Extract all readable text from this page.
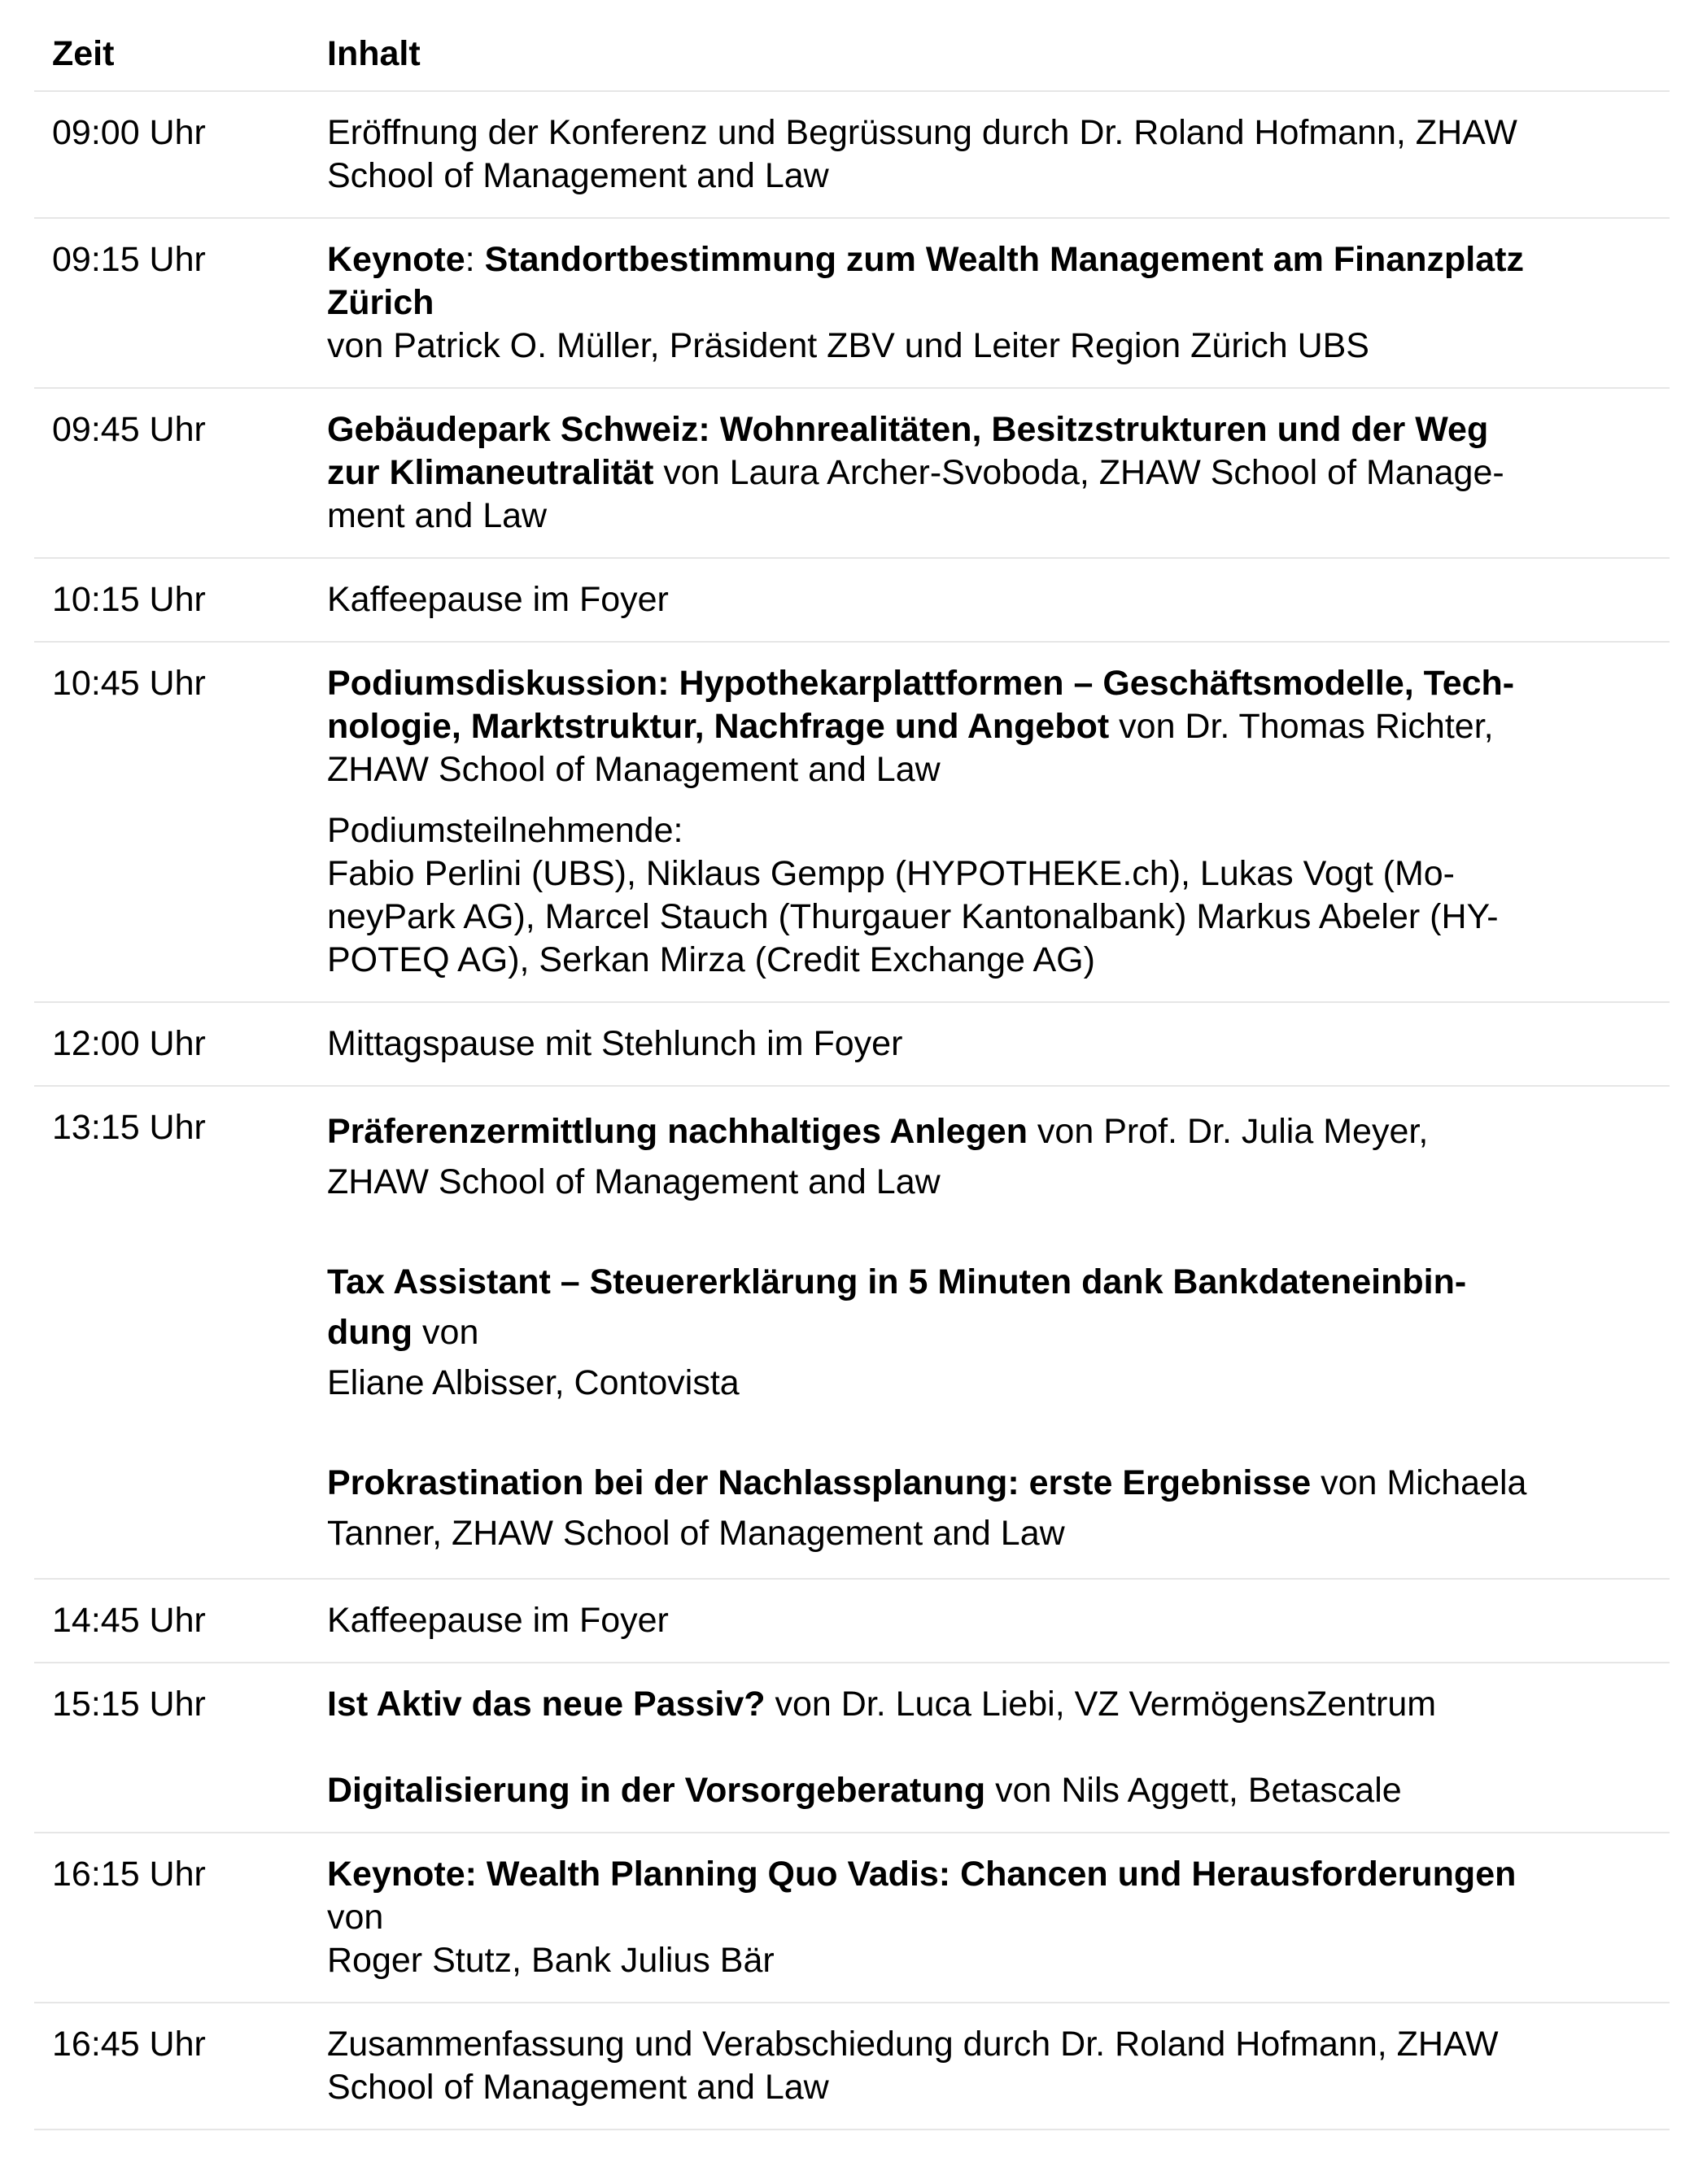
Zeit	Inhalt
09:00 Uhr	Eröffnung der Konferenz und Begrüssung durch Dr. Roland Hofmann, ZHAW
School of Management and Law
09:15 Uhr	Keynote: Standortbestimmung zum Wealth Management am Finanzplatz
Zürich
von Patrick O. Müller, Präsident ZBV und Leiter Region Zürich UBS
09:45 Uhr	Gebäudepark Schweiz: Wohnrealitäten, Besitzstrukturen und der Weg
zur Klimaneutralität von Laura Archer-Svoboda, ZHAW School of Manage-
ment and Law
10:15 Uhr	Kaffeepause im Foyer
10:45 Uhr	Podiumsdiskussion: Hypothekarplattformen – Geschäftsmodelle, Tech-
nologie, Marktstruktur, Nachfrage und Angebot von Dr. Thomas Richter,
ZHAW School of Management and Law
Podiumsteilnehmende:
Fabio Perlini (UBS), Niklaus Gempp (HYPOTHEKE.ch), Lukas Vogt (Mo-
neyPark AG), Marcel Stauch (Thurgauer Kantonalbank) Markus Abeler (HY-
POTEQ AG), Serkan Mirza (Credit Exchange AG)
12:00 Uhr	Mittagspause mit Stehlunch im Foyer
13:15 Uhr	Präferenzermittlung nachhaltiges Anlegen von Prof. Dr. Julia Meyer,
ZHAW School of Management and Law
Tax Assistant – Steuererklärung in 5 Minuten dank Bankdateneinbin-
dung von
Eliane Albisser, Contovista
Prokrastination bei der Nachlassplanung: erste Ergebnisse von Michaela
Tanner, ZHAW School of Management and Law
14:45 Uhr	Kaffeepause im Foyer
15:15 Uhr	Ist Aktiv das neue Passiv? von Dr. Luca Liebi, VZ VermögensZentrum
Digitalisierung in der Vorsorgeberatung von Nils Aggett, Betascale
16:15 Uhr	Keynote: Wealth Planning Quo Vadis: Chancen und Herausforderungen
von
Roger Stutz, Bank Julius Bär
16:45 Uhr	Zusammenfassung und Verabschiedung durch Dr. Roland Hofmann, ZHAW
School of Management and Law
